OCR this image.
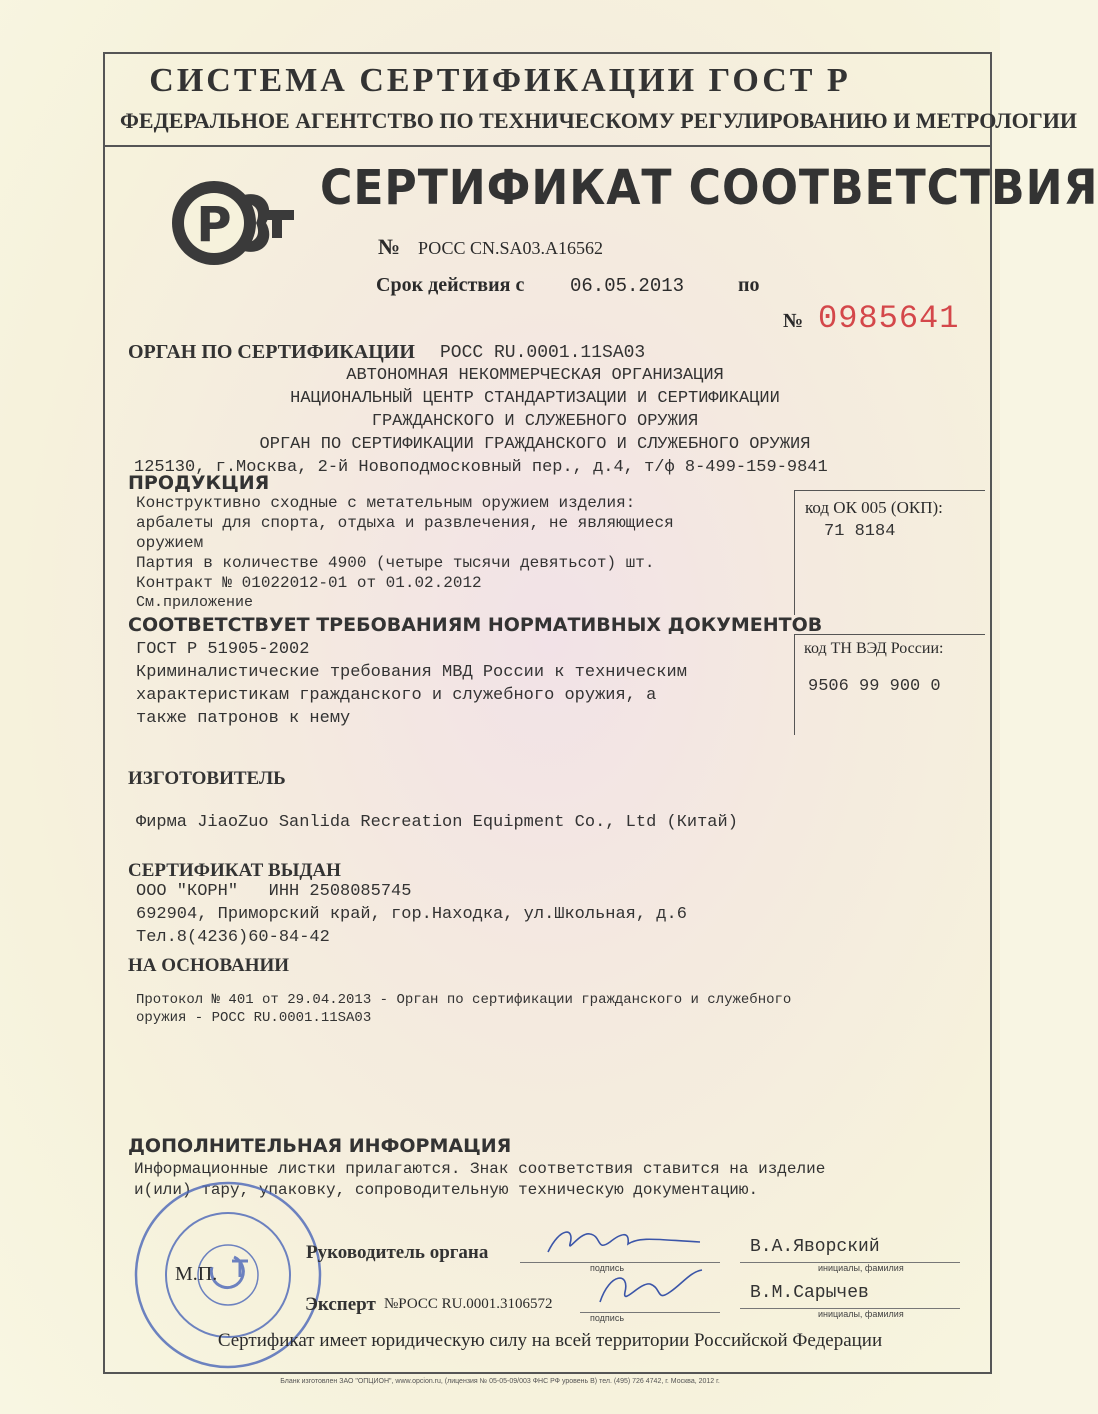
СИСТЕМА СЕРТИФИКАЦИИ ГОСТ Р
ФЕДЕРАЛЬНОЕ АГЕНТСТВО ПО ТЕХНИЧЕСКОМУ РЕГУЛИРОВАНИЮ И МЕТРОЛОГИИ
СЕРТИФИКАТ СООТВЕТСТВИЯ
Р	№ РОСС CN.SA03.A16562
Срок действия с 06.05.2013	по
№ 0985641
ОРГАН ПО СЕРТИФИКАЦИИ РОСС RU.0001.11SA03
АВТОНОМНАЯ НЕКОММЕРЧЕСКАЯ ОРГАНИЗАЦИЯ
НАЦИОНАЛЬНЫЙ ЦЕНТР СТАНДАРТИЗАЦИИ И СЕРТИФИКАЦИИ
ГРАЖДАНСКОГО И СЛУЖЕБНОГО ОРУЖИЯ
ОРГАН ПО СЕРТИФИКАЦИИ ГРАЖДАНСКОГО И СЛУЖЕБНОГО ОРУЖИЯ
125130, г.Москва, 2-й Новоподмосковный пер., д.4, т/ф 8-499-159-9841
ПРОДУКЦИЯ
Конструктивно сходные с метательным оружием изделия:
арбалеты для спорта, отдыха и развлечения, не являющиеся
оружием
Партия в количестве 4900 (четыре тысячи девятьсот) шт.
Контракт № 01022012-01 от 01.02.2012
См.приложение
код ОК 005 (ОКП):
71 8184
СООТВЕТСТВУЕТ ТРЕБОВАНИЯМ НОРМАТИВНЫХ ДОКУМЕНТОВ
ГОСТ Р 51905-2002
Криминалистические требования МВД России к техническим
характеристикам гражданского и служебного оружия, а
также патронов к нему
код ТН ВЭД России:
9506 99 900 0
ИЗГОТОВИТЕЛЬ
Фирма JiaoZuo Sanlida Recreation Equipment Co., Ltd (Китай)
СЕРТИФИКАТ ВЫДАН
ООО "КОРН"   ИНН 2508085745
692904, Приморский край, гор.Находка, ул.Школьная, д.6
Тел.8(4236)60-84-42
НА ОСНОВАНИИ
Протокол № 401 от 29.04.2013 - Орган по сертификации гражданского и служебного
оружия - РОСС RU.0001.11SA03
ДОПОЛНИТЕЛЬНАЯ ИНФОРМАЦИЯ
Информационные листки прилагаются. Знак соответствия ставится на изделие
и(или) тару, упаковку, сопроводительную техническую документацию.
М.П.
Руководитель органа
подпись
В.А.Яворский
инициалы, фамилия
Эксперт №РОСС RU.0001.3106572
подпись
В.М.Сарычев
инициалы, фамилия
Сертификат имеет юридическую силу на всей территории Российской Федерации
Бланк изготовлен ЗАО "ОПЦИОН", www.opcion.ru, (лицензия № 05-05-09/003 ФНС РФ уровень В) тел. (495) 726 4742, г. Москва, 2012 г.
